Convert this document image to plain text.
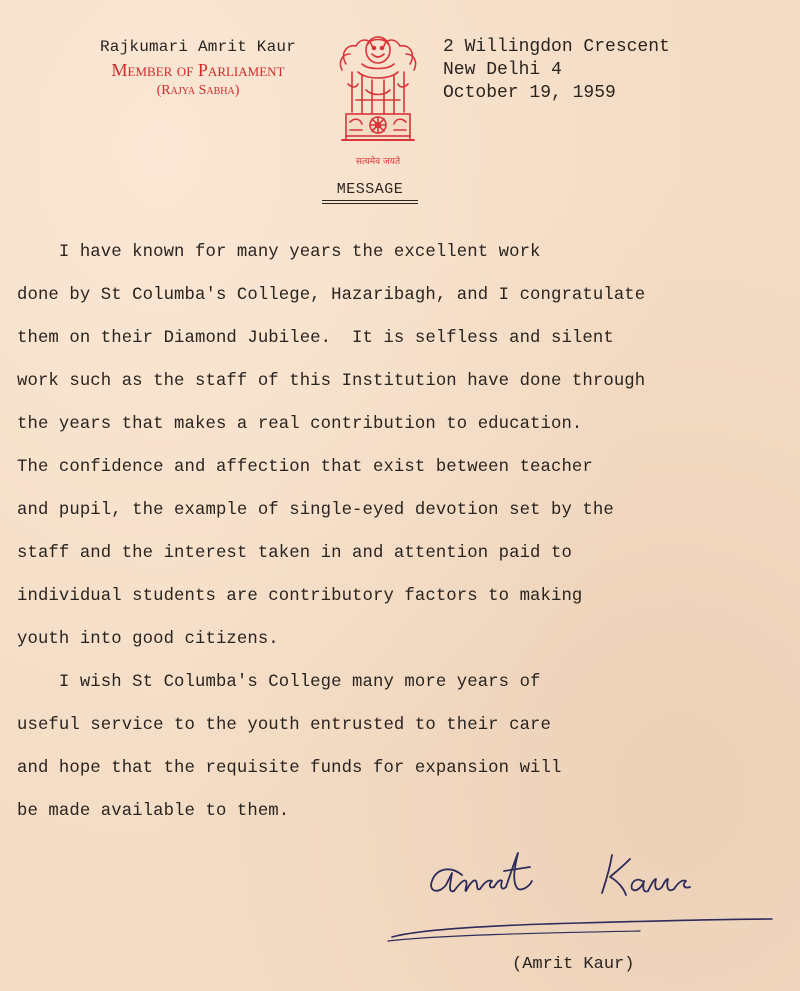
Rajkumari Amrit Kaur
Member of Parliament
(Rajya Sabha)
सत्यमेव जयते
2 Willingdon Crescent
New Delhi 4
October 19, 1959
MESSAGE
I have known for many years the excellent work
done by St Columba's College, Hazaribagh, and I congratulate
them on their Diamond Jubilee.  It is selfless and silent
work such as the staff of this Institution have done through
the years that makes a real contribution to education.
The confidence and affection that exist between teacher
and pupil, the example of single-eyed devotion set by the
staff and the interest taken in and attention paid to
individual students are contributory factors to making
youth into good citizens.
I wish St Columba's College many more years of
useful service to the youth entrusted to their care
and hope that the requisite funds for expansion will
be made available to them.
(Amrit Kaur)
